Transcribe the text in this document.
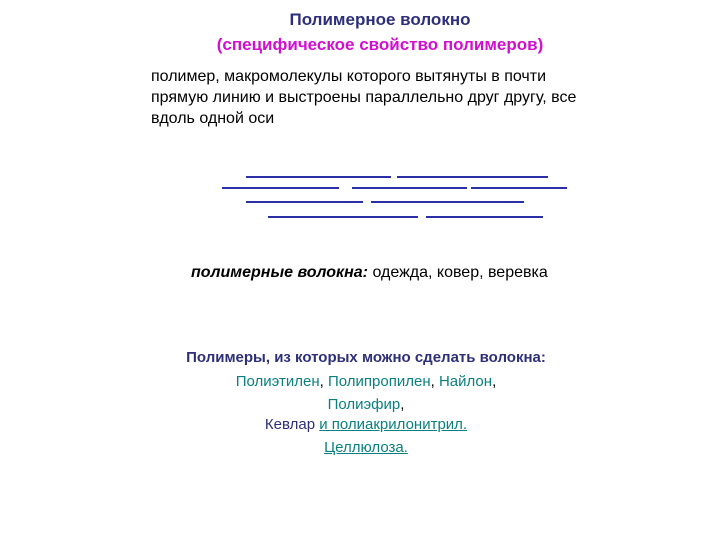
Полимерное волокно
(специфическое свойство полимеров)

полимер, макромолекулы которого вытянуты в почти прямую линию и выстроены параллельно друг другу, все вдоль одной оси

полимерные волокна: одежда, ковер, веревка
Полимеры, из которых можно сделать волокна:
Полиэтилен, Полипропилен, Найлон,
Полиэфир,
Кевлар и полиакрилонитрил.
Целлюлоза.
